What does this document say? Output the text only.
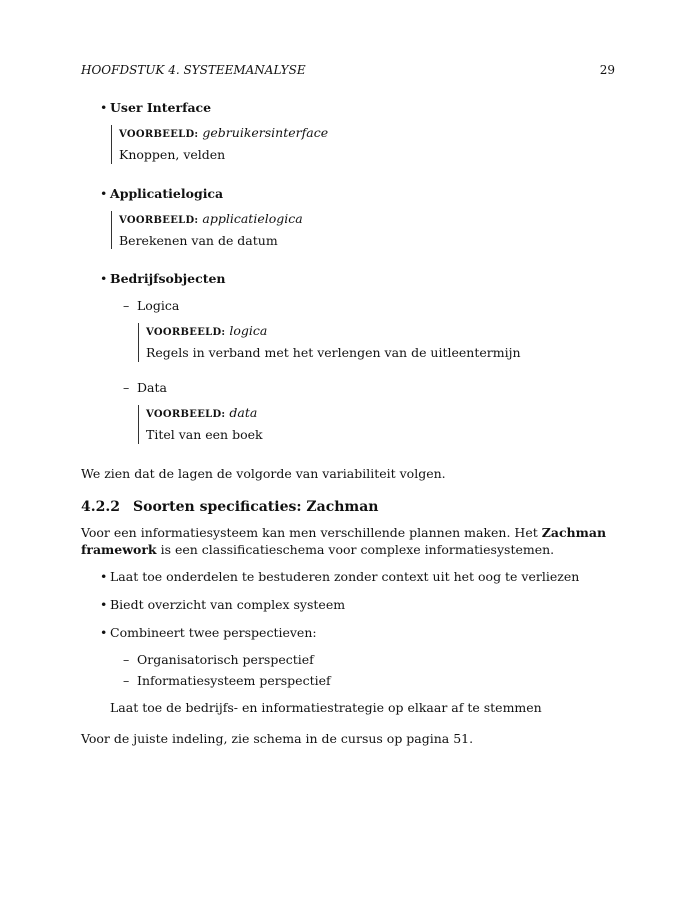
HOOFDSTUK 4. SYSTEEMANALYSE	29
• User Interface
VOORBEELD: gebruikersinterface
Knoppen, velden
• Applicatielogica
VOORBEELD: applicatielogica
Berekenen van de datum
• Bedrijfsobjecten
– Logica
VOORBEELD: logica
Regels in verband met het verlengen van de uitleentermijn
– Data
VOORBEELD: data
Titel van een boek

We zien dat de lagen de volgorde van variabiliteit volgen.

4.2.2 Soorten specificaties: Zachman

Voor een informatiesysteem kan men verschillende plannen maken. Het Zachman framework is een classificatieschema voor complexe informatiesystemen.

• Laat toe onderdelen te bestuderen zonder context uit het oog te verliezen
• Biedt overzicht van complex systeem
• Combineert twee perspectieven:
– Organisatorisch perspectief
– Informatiesysteem perspectief

Laat toe de bedrijfs- en informatiestrategie op elkaar af te stemmen

Voor de juiste indeling, zie schema in de cursus op pagina 51.
